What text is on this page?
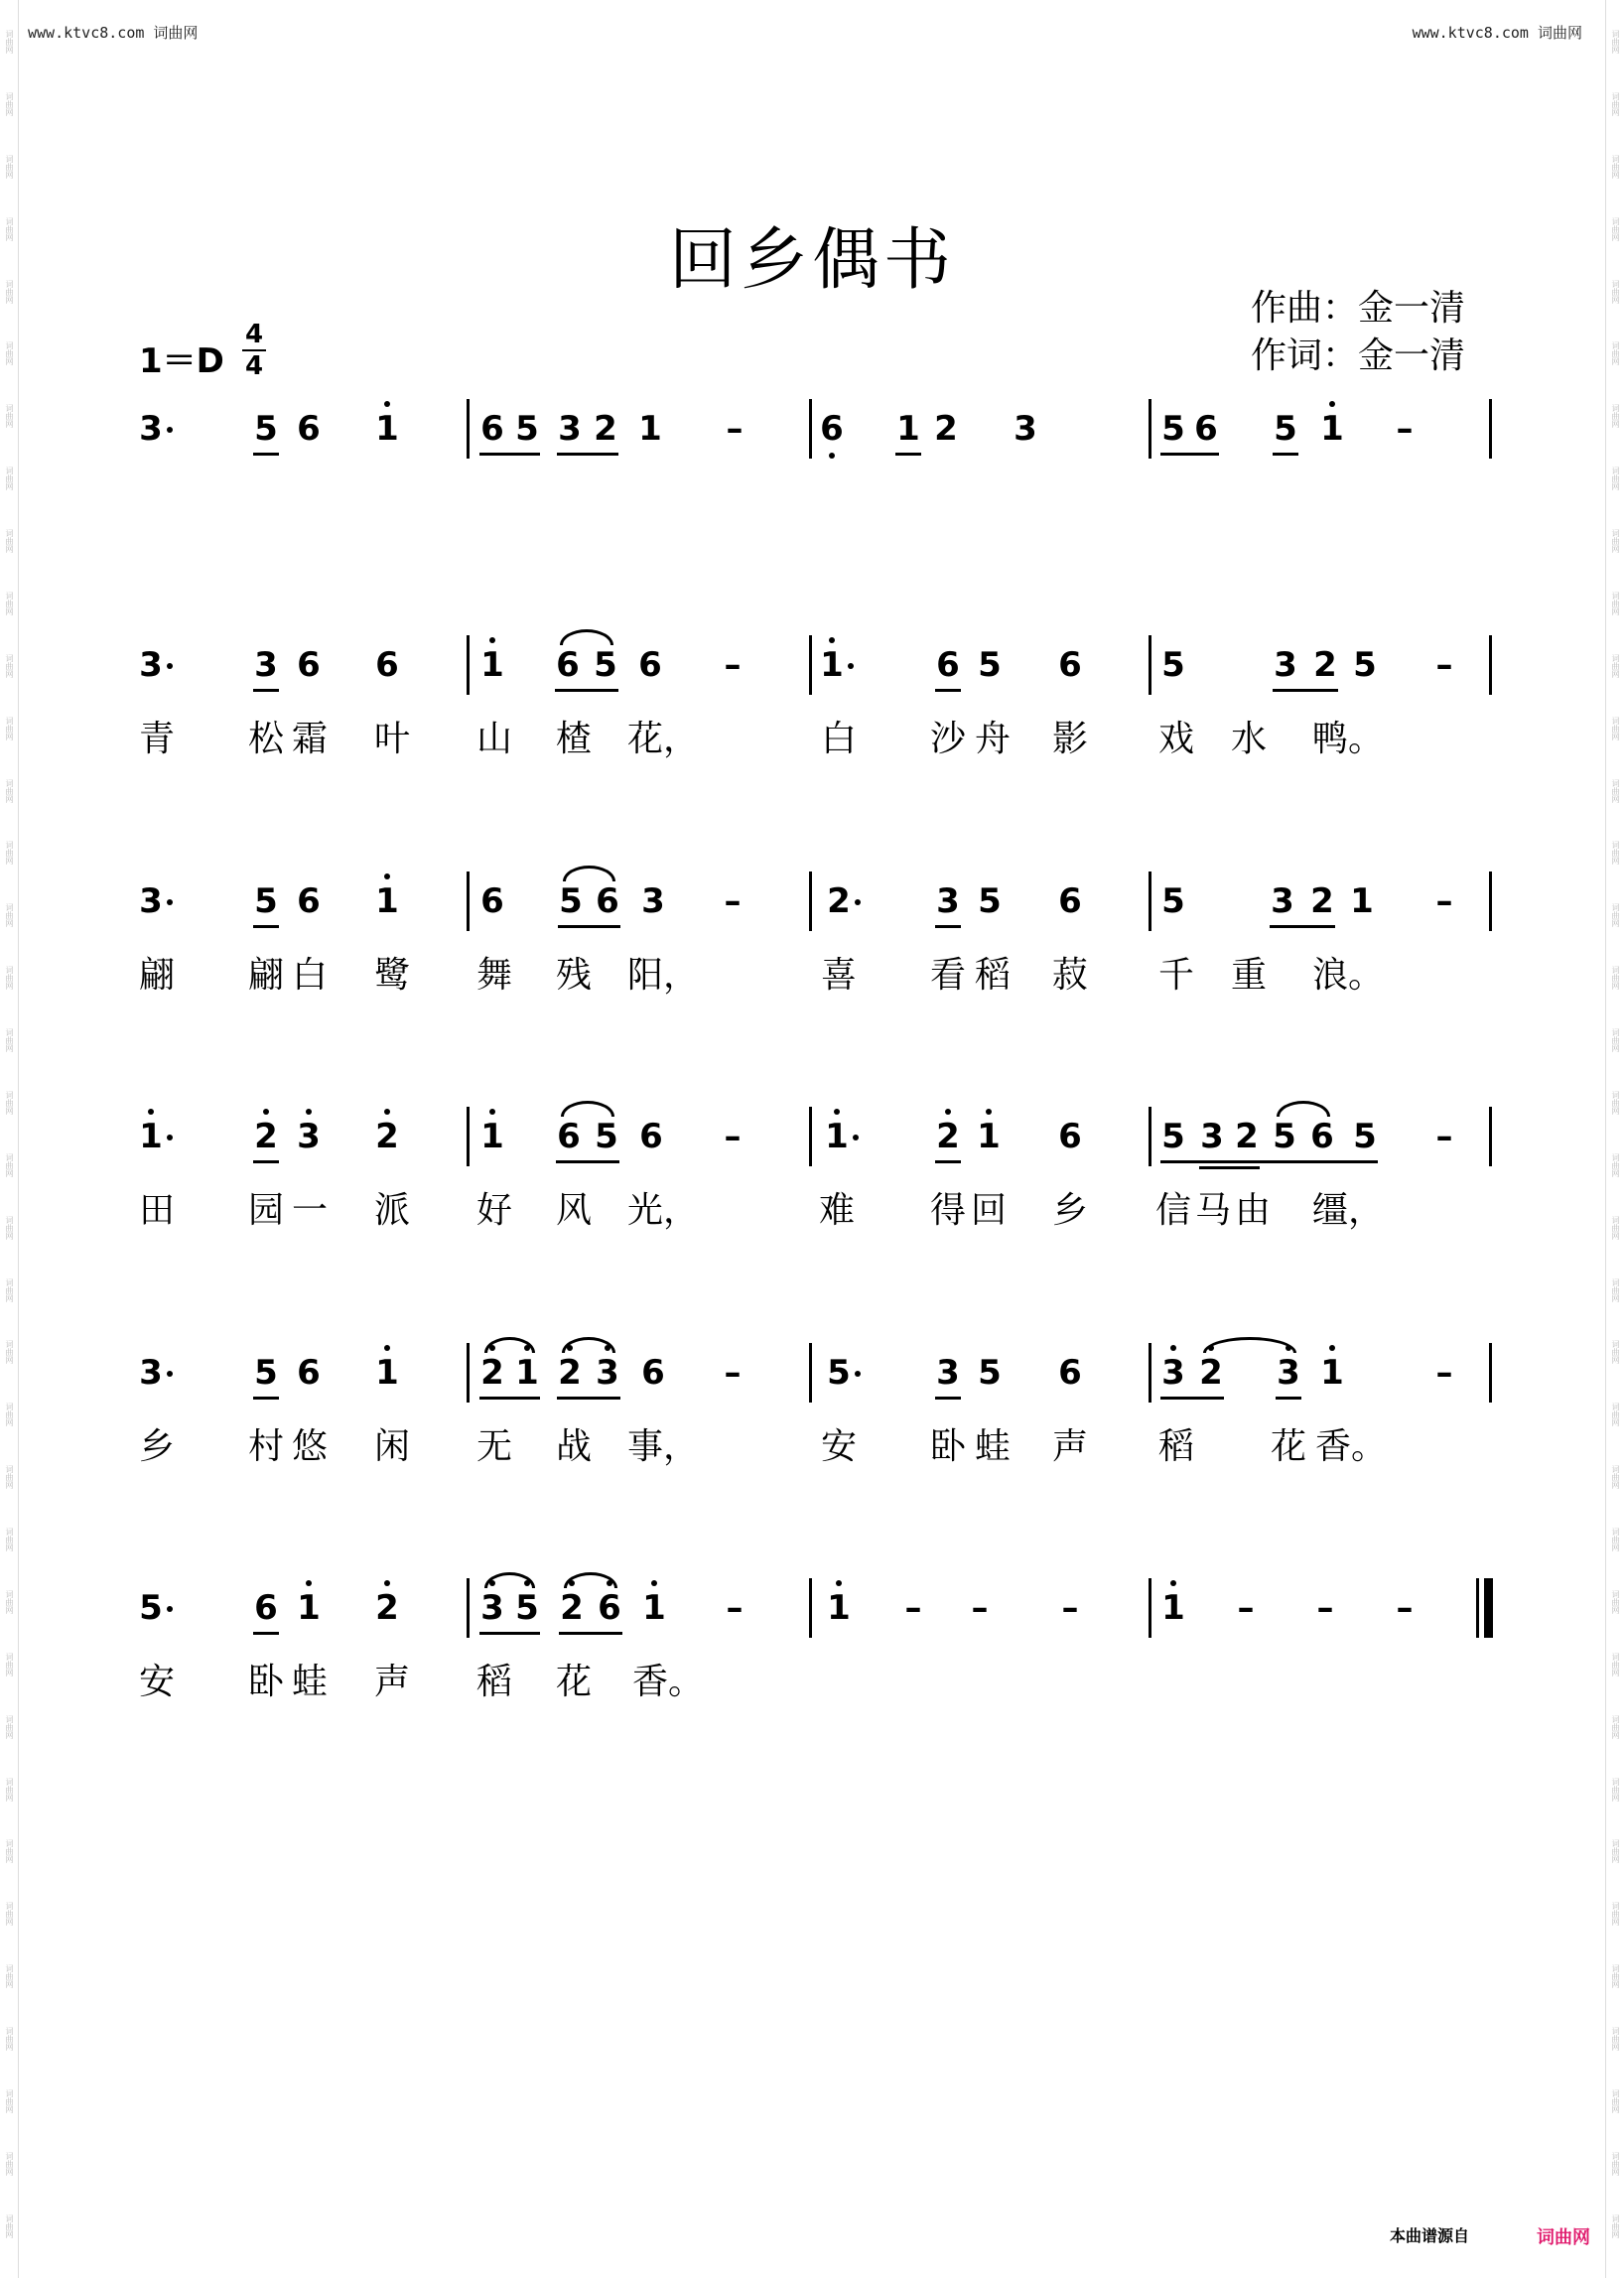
词曲网
词曲网
词曲网
词曲网
词曲网
词曲网
词曲网
词曲网
词曲网
词曲网
词曲网
词曲网
词曲网
词曲网
词曲网
词曲网
词曲网
词曲网
词曲网
词曲网
词曲网
词曲网
词曲网
词曲网
词曲网
词曲网
词曲网
词曲网
词曲网
词曲网
词曲网
词曲网
词曲网
词曲网
词曲网
词曲网
词曲网
词曲网
词曲网
词曲网
词曲网
词曲网
词曲网
词曲网
词曲网
词曲网
词曲网
词曲网
词曲网
词曲网
词曲网
词曲网
词曲网
词曲网
词曲网
词曲网
词曲网
词曲网
词曲网
词曲网
词曲网
词曲网
词曲网
词曲网
词曲网
词曲网
词曲网
词曲网
词曲网
词曲网
词曲网
词曲网
www.ktvc8.com 词曲网	www.ktvc8.com 词曲网
回乡偶书
作曲：金一清
作词：金一清
$1=D \frac{4}{4}$
3	5 6 1 6 5 3 2 1 – 6 1 2 3	5 6 5 1 –
3	3 6 6 1 6 5 6 – 1	6 5 6 5	3 2 5 –
青 松 霜 叶 山 楂 花，	白 沙 舟 影 戏 水 鸭。
3	5 6 1 6 5 6 3 –	2	3 5 6 5	3 2 1 –
翩 翩 白 鹭 舞 残 阳，	喜 看 稻 菽 千 重 浪。
1	2 3 2 1 6 5 6 – 1	2 1 6 5 3 2 5 6 5 –
田 园 一 派 好 风 光，	难 得 回 乡 信 马 由 缰，
3	5 6 1 2 1 2 3 6 –	5	3 5 6 3 2 3 1	–
乡 村 悠 闲 无 战 事，	安 卧 蛙 声 稻 花 香。
5	6 1 2 3 5 2 6 1 – 1 – – – 1 – – –
安 卧 蛙 声 稻 花 香。
本曲谱源自	词曲网
